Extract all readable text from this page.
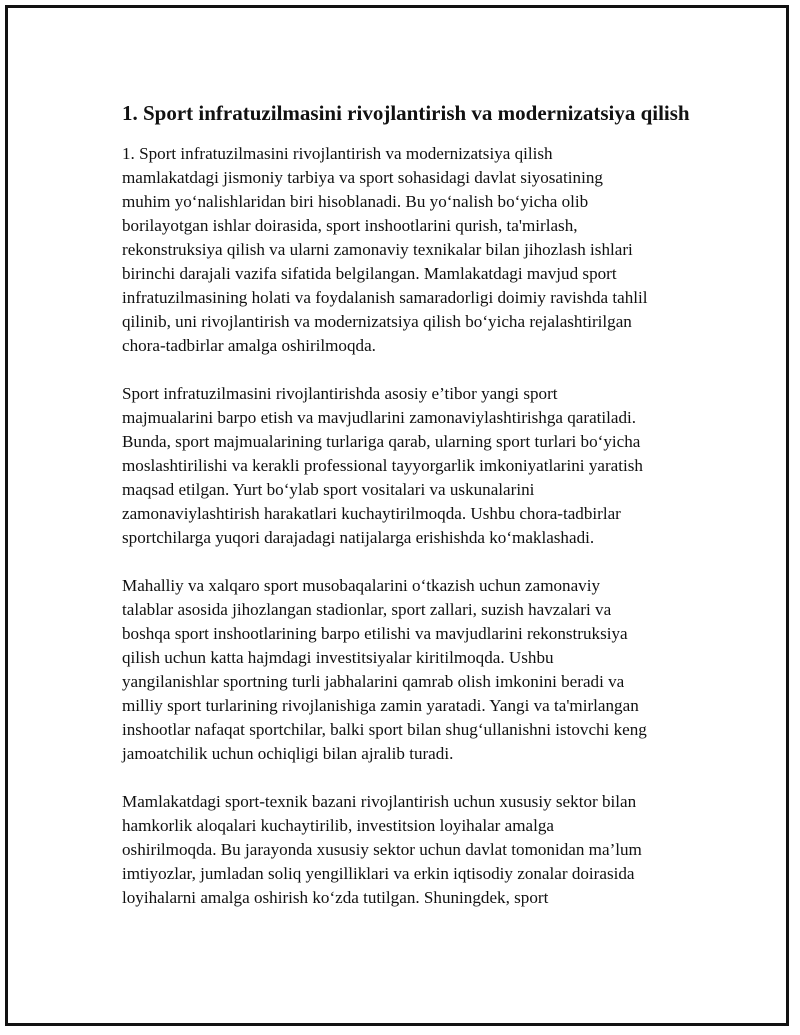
1. Sport infratuzilmasini rivojlantirish va modernizatsiya qilish

1. Sport infratuzilmasini rivojlantirish va modernizatsiya qilish
mamlakatdagi jismoniy tarbiya va sport sohasidagi davlat siyosatining
muhim yo‘nalishlaridan biri hisoblanadi. Bu yo‘nalish bo‘yicha olib
borilayotgan ishlar doirasida, sport inshootlarini qurish, ta'mirlash,
rekonstruksiya qilish va ularni zamonaviy texnikalar bilan jihozlash ishlari
birinchi darajali vazifa sifatida belgilangan. Mamlakatdagi mavjud sport
infratuzilmasining holati va foydalanish samaradorligi doimiy ravishda tahlil
qilinib, uni rivojlantirish va modernizatsiya qilish bo‘yicha rejalashtirilgan
chora-tadbirlar amalga oshirilmoqda.

Sport infratuzilmasini rivojlantirishda asosiy e’tibor yangi sport
majmualarini barpo etish va mavjudlarini zamonaviylashtirishga qaratiladi.
Bunda, sport majmualarining turlariga qarab, ularning sport turlari bo‘yicha
moslashtirilishi va kerakli professional tayyorgarlik imkoniyatlarini yaratish
maqsad etilgan. Yurt bo‘ylab sport vositalari va uskunalarini
zamonaviylashtirish harakatlari kuchaytirilmoqda. Ushbu chora-tadbirlar
sportchilarga yuqori darajadagi natijalarga erishishda ko‘maklashadi.

Mahalliy va xalqaro sport musobaqalarini o‘tkazish uchun zamonaviy
talablar asosida jihozlangan stadionlar, sport zallari, suzish havzalari va
boshqa sport inshootlarining barpo etilishi va mavjudlarini rekonstruksiya
qilish uchun katta hajmdagi investitsiyalar kiritilmoqda. Ushbu
yangilanishlar sportning turli jabhalarini qamrab olish imkonini beradi va
milliy sport turlarining rivojlanishiga zamin yaratadi. Yangi va ta'mirlangan
inshootlar nafaqat sportchilar, balki sport bilan shug‘ullanishni istovchi keng
jamoatchilik uchun ochiqligi bilan ajralib turadi.

Mamlakatdagi sport-texnik bazani rivojlantirish uchun xususiy sektor bilan
hamkorlik aloqalari kuchaytirilib, investitsion loyihalar amalga
oshirilmoqda. Bu jarayonda xususiy sektor uchun davlat tomonidan ma’lum
imtiyozlar, jumladan soliq yengilliklari va erkin iqtisodiy zonalar doirasida
loyihalarni amalga oshirish ko‘zda tutilgan. Shuningdek, sport
